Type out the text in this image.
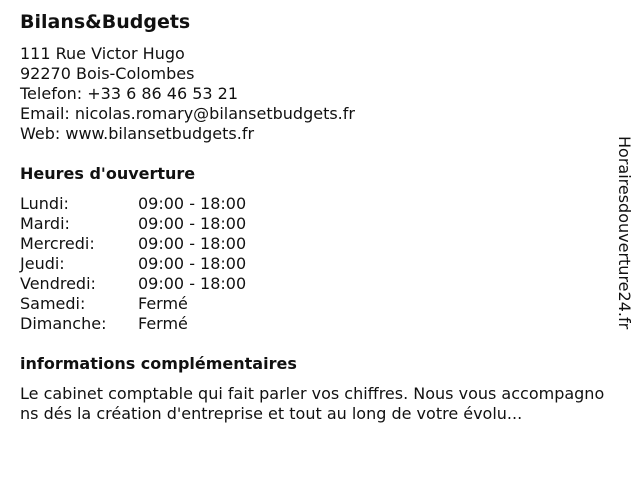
Bilans&Budgets
111 Rue Victor Hugo
92270 Bois-Colombes
Telefon: +33 6 86 46 53 21
Email: nicolas.romary@bilansetbudgets.fr
Web: www.bilansetbudgets.fr
Heures d'ouverture
Lundi:	09:00 - 18:00
Mardi:	09:00 - 18:00
Mercredi:	09:00 - 18:00
Jeudi:	09:00 - 18:00
Vendredi:	09:00 - 18:00
Samedi:	Fermé
Dimanche:	Fermé
informations complémentaires
Le cabinet comptable qui fait parler vos chiffres. Nous vous accompagnons dés la création d'entreprise et tout au long de votre évolu...
Horairesdouverture24.fr
